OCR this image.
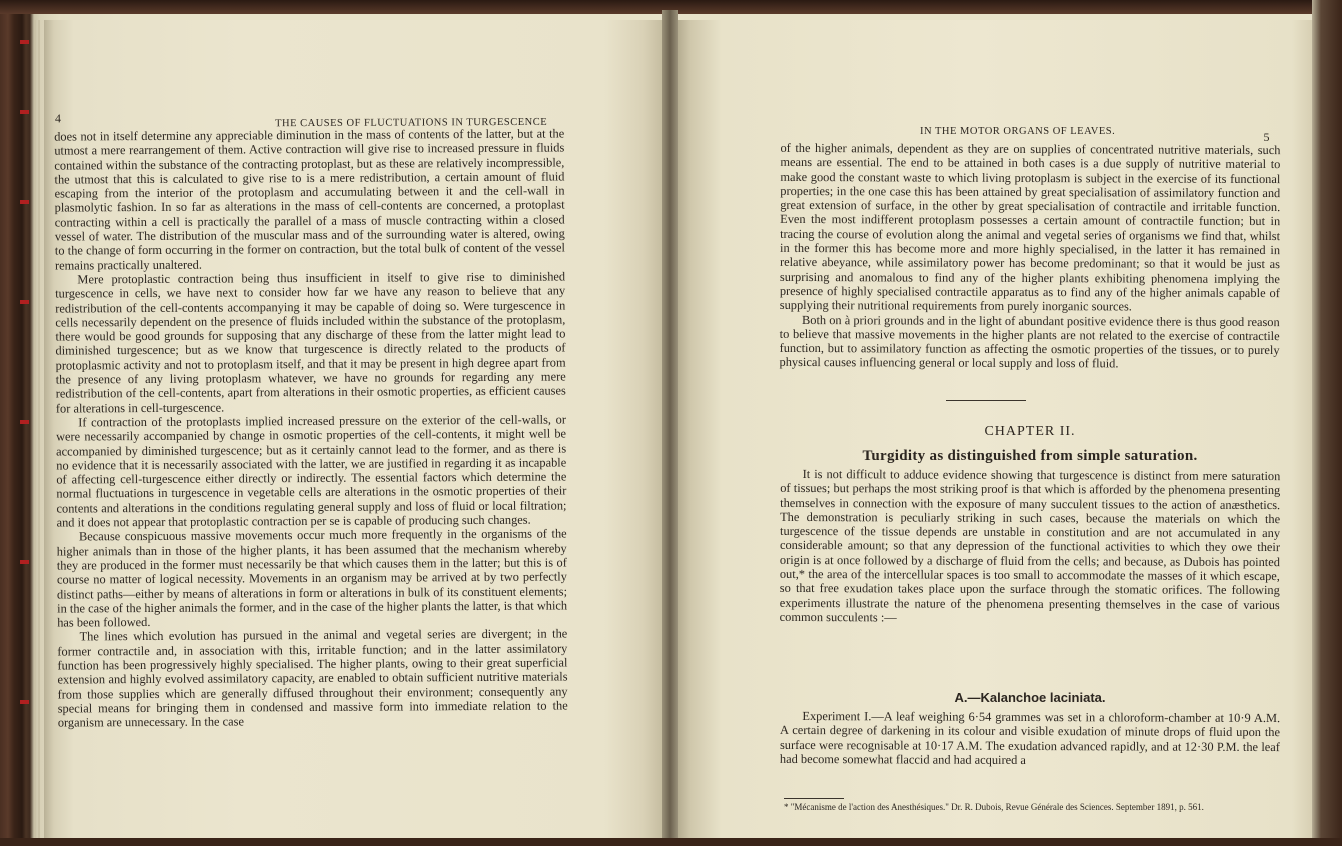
4	THE CAUSES OF FLUCTUATIONS IN TURGESCENCE

does not in itself determine any appreciable diminution in the mass of contents of the latter, but at the utmost a mere rearrangement of them. Active contraction will give rise to increased pressure in fluids contained within the substance of the contracting protoplast, but as these are relatively incompressible, the utmost that this is calculated to give rise to is a mere redistribution, a certain amount of fluid escaping from the interior of the protoplasm and accumulating between it and the cell-wall in plasmolytic fashion. In so far as alterations in the mass of cell-contents are concerned, a protoplast contracting within a cell is practically the parallel of a mass of muscle contracting within a closed vessel of water. The distribution of the muscular mass and of the surrounding water is altered, owing to the change of form occurring in the former on contraction, but the total bulk of content of the vessel remains practically unaltered.

Mere protoplastic contraction being thus insufficient in itself to give rise to diminished turgescence in cells, we have next to consider how far we have any reason to believe that any redistribution of the cell-contents accompanying it may be capable of doing so. Were turgescence in cells necessarily dependent on the presence of fluids included within the substance of the protoplasm, there would be good grounds for supposing that any discharge of these from the latter might lead to diminished turgescence; but as we know that turgescence is directly related to the products of protoplasmic activity and not to protoplasm itself, and that it may be present in high degree apart from the presence of any living protoplasm whatever, we have no grounds for regarding any mere redistribution of the cell-contents, apart from alterations in their osmotic properties, as efficient causes for alterations in cell-turgescence.

If contraction of the protoplasts implied increased pressure on the exterior of the cell-walls, or were necessarily accompanied by change in osmotic properties of the cell-contents, it might well be accompanied by diminished turgescence; but as it certainly cannot lead to the former, and as there is no evidence that it is necessarily associated with the latter, we are justified in regarding it as incapable of affecting cell-turgescence either directly or indirectly. The essential factors which determine the normal fluctuations in turgescence in vegetable cells are alterations in the osmotic properties of their contents and alterations in the conditions regulating general supply and loss of fluid or local filtration; and it does not appear that protoplastic contraction per se is capable of producing such changes.

Because conspicuous massive movements occur much more frequently in the organisms of the higher animals than in those of the higher plants, it has been assumed that the mechanism whereby they are produced in the former must necessarily be that which causes them in the latter; but this is of course no matter of logical necessity. Movements in an organism may be arrived at by two perfectly distinct paths—either by means of alterations in form or alterations in bulk of its constituent elements; in the case of the higher animals the former, and in the case of the higher plants the latter, is that which has been followed.

The lines which evolution has pursued in the animal and vegetal series are divergent; in the former contractile and, in association with this, irritable function; and in the latter assimilatory function has been progressively highly specialised. The higher plants, owing to their great superficial extension and highly evolved assimilatory capacity, are enabled to obtain sufficient nutritive materials from those supplies which are generally diffused throughout their environment; consequently any special means for bringing them in condensed and massive form into immediate relation to the organism are unnecessary. In the case

IN THE MOTOR ORGANS OF LEAVES.	5

of the higher animals, dependent as they are on supplies of concentrated nutritive materials, such means are essential. The end to be attained in both cases is a due supply of nutritive material to make good the constant waste to which living protoplasm is subject in the exercise of its functional properties; in the one case this has been attained by great specialisation of assimilatory function and great extension of surface, in the other by great specialisation of contractile and irritable function. Even the most indifferent protoplasm possesses a certain amount of contractile function; but in tracing the course of evolution along the animal and vegetal series of organisms we find that, whilst in the former this has become more and more highly specialised, in the latter it has remained in relative abeyance, while assimilatory power has become predominant; so that it would be just as surprising and anomalous to find any of the higher plants exhibiting phenomena implying the presence of highly specialised contractile apparatus as to find any of the higher animals capable of supplying their nutritional requirements from purely inorganic sources.

Both on à priori grounds and in the light of abundant positive evidence there is thus good reason to believe that massive movements in the higher plants are not related to the exercise of contractile function, but to assimilatory function as affecting the osmotic properties of the tissues, or to purely physical causes influencing general or local supply and loss of fluid.

CHAPTER II.
Turgidity as distinguished from simple saturation.

It is not difficult to adduce evidence showing that turgescence is distinct from mere saturation of tissues; but perhaps the most striking proof is that which is afforded by the phenomena presenting themselves in connection with the exposure of many succulent tissues to the action of anæsthetics. The demonstration is peculiarly striking in such cases, because the materials on which the turgescence of the tissue depends are unstable in constitution and are not accumulated in any considerable amount; so that any depression of the functional activities to which they owe their origin is at once followed by a discharge of fluid from the cells; and because, as Dubois has pointed out,* the area of the intercellular spaces is too small to accommodate the masses of it which escape, so that free exudation takes place upon the surface through the stomatic orifices. The following experiments illustrate the nature of the phenomena presenting themselves in the case of various common succulents :—

A.—Kalanchoe laciniata.

Experiment I.—A leaf weighing 6·54 grammes was set in a chloroform-chamber at 10·9 A.M. A certain degree of darkening in its colour and visible exudation of minute drops of fluid upon the surface were recognisable at 10·17 A.M. The exudation advanced rapidly, and at 12·30 P.M. the leaf had become somewhat flaccid and had acquired a

* "Mécanisme de l'action des Anesthésiques." Dr. R. Dubois, Revue Générale des Sciences. September 1891, p. 561.
